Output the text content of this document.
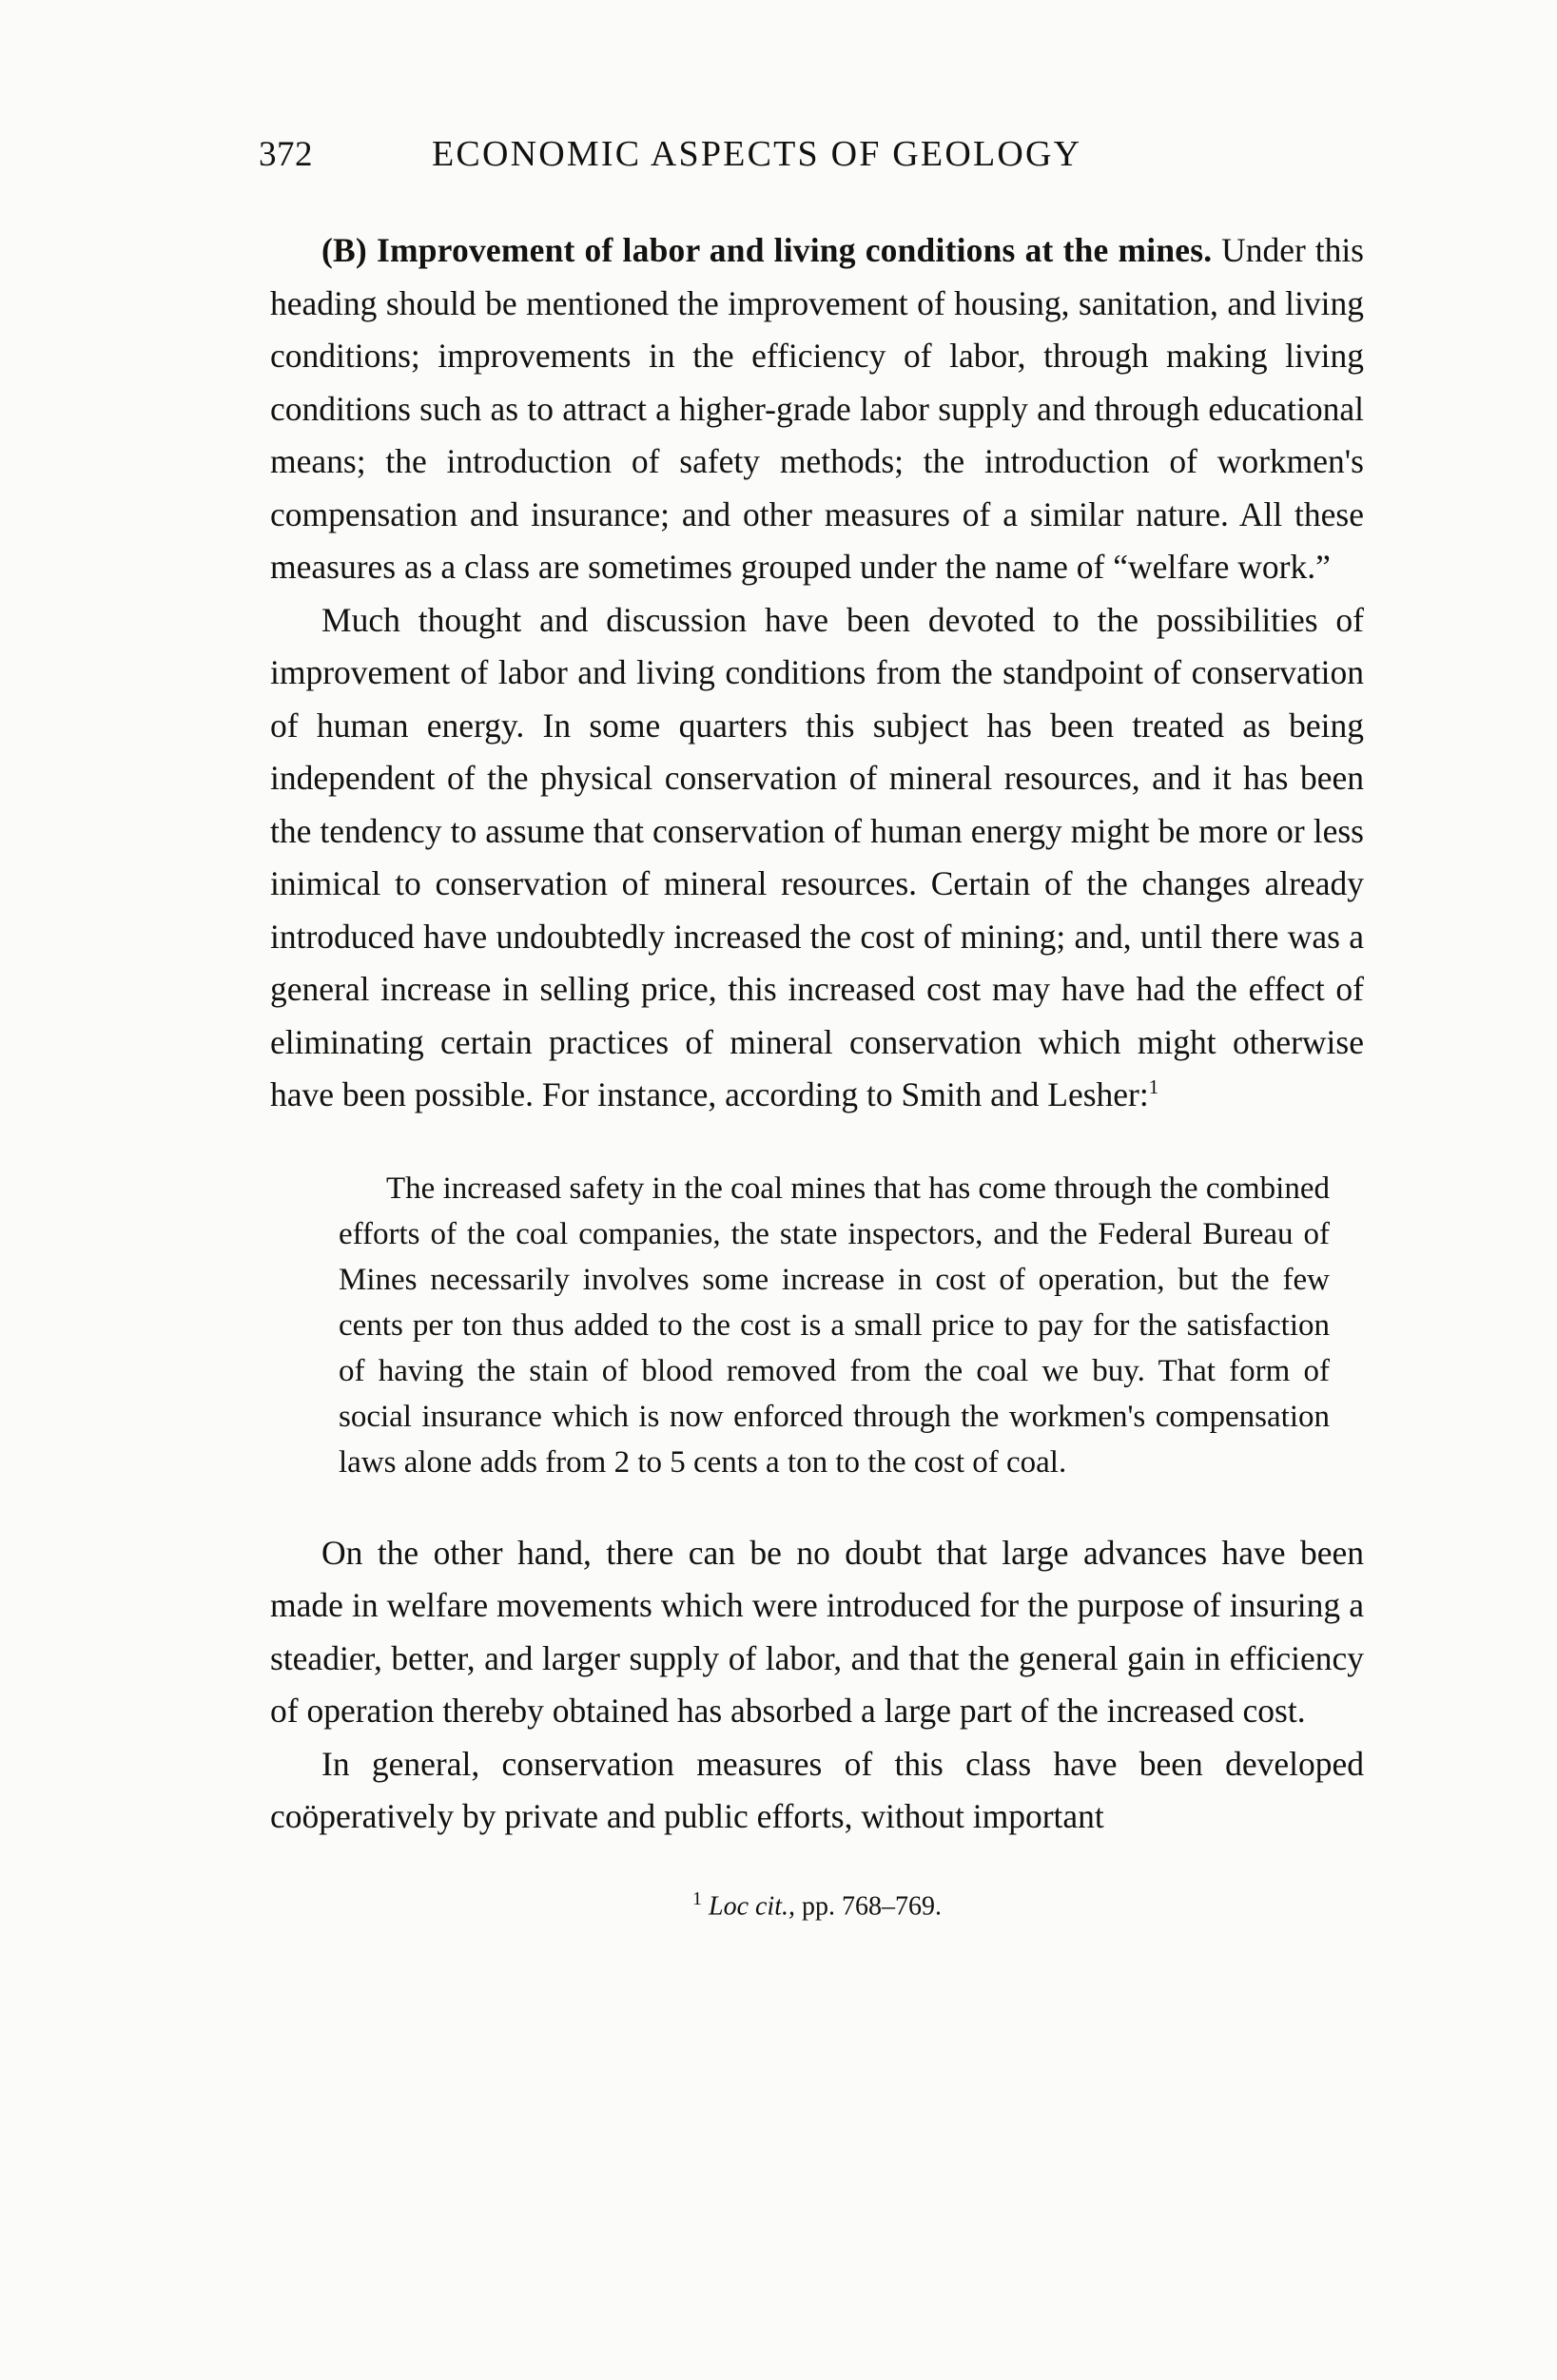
372	ECONOMIC ASPECTS OF GEOLOGY

(B) Improvement of labor and living conditions at the mines. Under this heading should be mentioned the improvement of housing, sanitation, and living conditions; improvements in the efficiency of labor, through making living conditions such as to attract a higher-grade labor supply and through educational means; the introduction of safety methods; the introduction of workmen's compensation and insurance; and other measures of a similar nature. All these measures as a class are sometimes grouped under the name of “welfare work.”

Much thought and discussion have been devoted to the possibilities of improvement of labor and living conditions from the standpoint of conservation of human energy. In some quarters this subject has been treated as being independent of the physical conservation of mineral resources, and it has been the tendency to assume that conservation of human energy might be more or less inimical to conservation of mineral resources. Certain of the changes already introduced have undoubtedly increased the cost of mining; and, until there was a general increase in selling price, this increased cost may have had the effect of eliminating certain practices of mineral conservation which might otherwise have been possible. For instance, according to Smith and Lesher:$^1$

The increased safety in the coal mines that has come through the combined efforts of the coal companies, the state inspectors, and the Federal Bureau of Mines necessarily involves some increase in cost of operation, but the few cents per ton thus added to the cost is a small price to pay for the satisfaction of having the stain of blood removed from the coal we buy. That form of social insurance which is now enforced through the workmen's compensation laws alone adds from 2 to 5 cents a ton to the cost of coal.

On the other hand, there can be no doubt that large advances have been made in welfare movements which were introduced for the purpose of insuring a steadier, better, and larger supply of labor, and that the general gain in efficiency of operation thereby obtained has absorbed a large part of the increased cost.

In general, conservation measures of this class have been developed coöperatively by private and public efforts, without important

$^1$ Loc cit., pp. 768–769.
